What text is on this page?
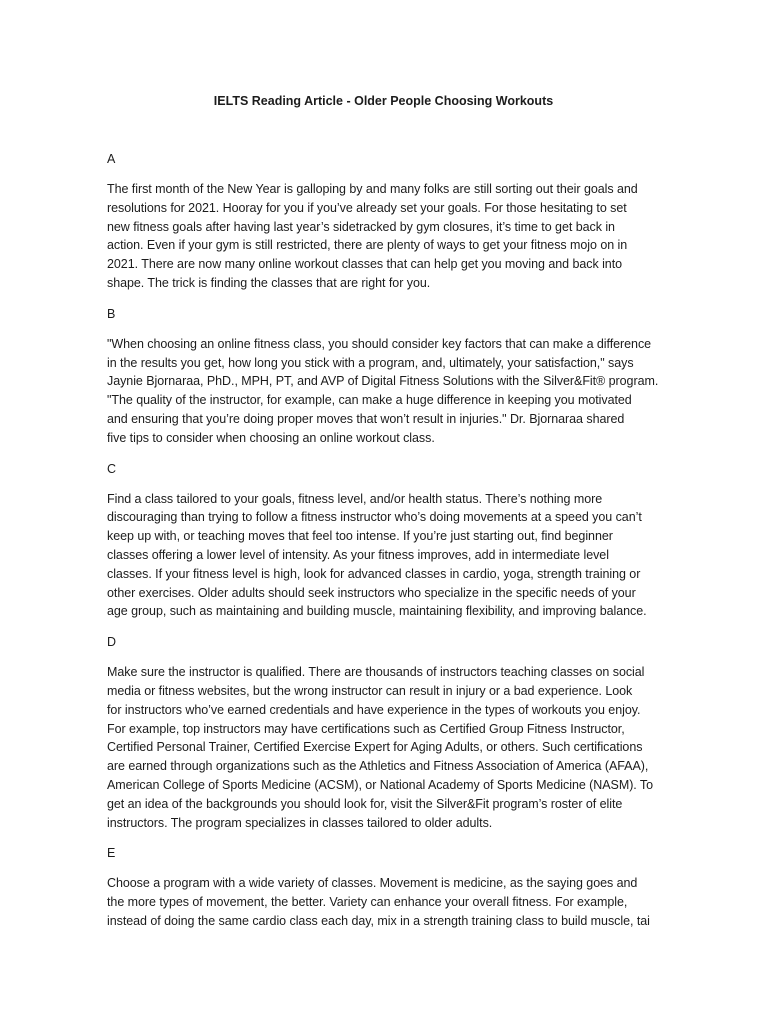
IELTS Reading Article - Older People Choosing Workouts

A

The first month of the New Year is galloping by and many folks are still sorting out their goals and
resolutions for 2021. Hooray for you if you’ve already set your goals. For those hesitating to set
new fitness goals after having last year’s sidetracked by gym closures, it’s time to get back in
action. Even if your gym is still restricted, there are plenty of ways to get your fitness mojo on in
2021. There are now many online workout classes that can help get you moving and back into
shape. The trick is finding the classes that are right for you.

B

"When choosing an online fitness class, you should consider key factors that can make a difference
in the results you get, how long you stick with a program, and, ultimately, your satisfaction," says
Jaynie Bjornaraa, PhD., MPH, PT, and AVP of Digital Fitness Solutions with the Silver&Fit® program.
"The quality of the instructor, for example, can make a huge difference in keeping you motivated
and ensuring that you’re doing proper moves that won’t result in injuries." Dr. Bjornaraa shared
five tips to consider when choosing an online workout class.

C

Find a class tailored to your goals, fitness level, and/or health status. There’s nothing more
discouraging than trying to follow a fitness instructor who’s doing movements at a speed you can’t
keep up with, or teaching moves that feel too intense. If you’re just starting out, find beginner
classes offering a lower level of intensity. As your fitness improves, add in intermediate level
classes. If your fitness level is high, look for advanced classes in cardio, yoga, strength training or
other exercises. Older adults should seek instructors who specialize in the specific needs of your
age group, such as maintaining and building muscle, maintaining flexibility, and improving balance.

D

Make sure the instructor is qualified. There are thousands of instructors teaching classes on social
media or fitness websites, but the wrong instructor can result in injury or a bad experience. Look
for instructors who’ve earned credentials and have experience in the types of workouts you enjoy.
For example, top instructors may have certifications such as Certified Group Fitness Instructor,
Certified Personal Trainer, Certified Exercise Expert for Aging Adults, or others. Such certifications
are earned through organizations such as the Athletics and Fitness Association of America (AFAA),
American College of Sports Medicine (ACSM), or National Academy of Sports Medicine (NASM). To
get an idea of the backgrounds you should look for, visit the Silver&Fit program’s roster of elite
instructors. The program specializes in classes tailored to older adults.

E

Choose a program with a wide variety of classes. Movement is medicine, as the saying goes and
the more types of movement, the better. Variety can enhance your overall fitness. For example,
instead of doing the same cardio class each day, mix in a strength training class to build muscle, tai
